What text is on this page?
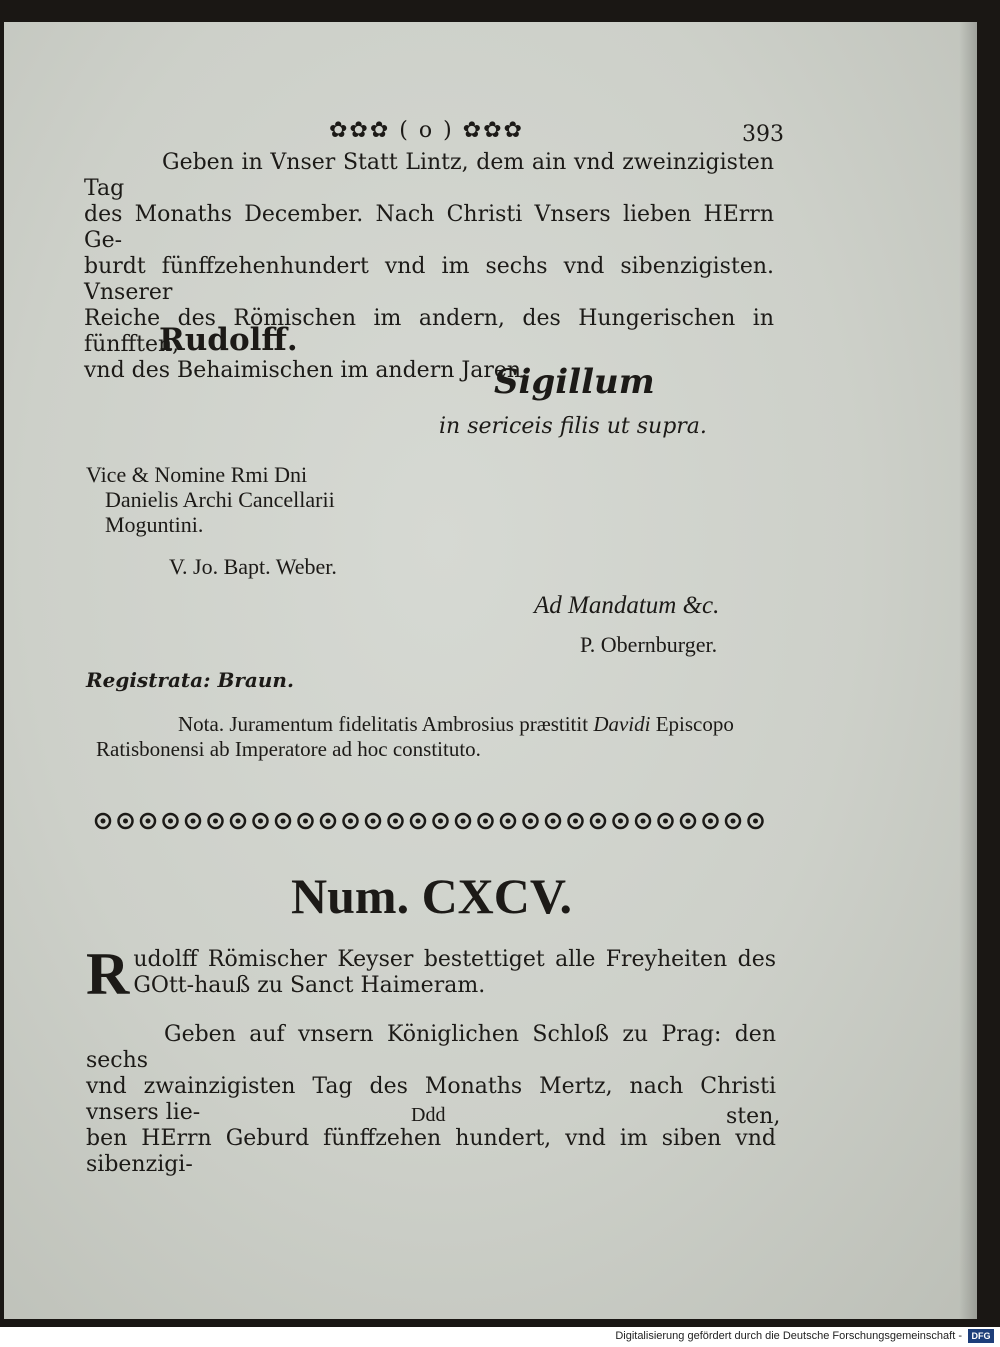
✿✿✿ ( o ) ✿✿✿	393
Geben in Vnser Statt Lintz, dem ain vnd zweinzigisten Tag
des Monaths December. Nach Christi Vnsers lieben HErrn Ge-
burdt fünffzehenhundert vnd im sechs vnd sibenzigisten. Vnserer
Reiche des Römischen im andern, des Hungerischen in fünfften,
vnd des Behaimischen im andern Jaren.
Rudolff.
Sigillum
in sericeis filis ut supra.
Vice & Nomine Rmi Dni
Danielis Archi Cancellarii
Moguntini.
V. Jo. Bapt. Weber.
Ad Mandatum &c.
P. Obernburger.
Registrata: Braun.
Nota. Juramentum fidelitatis Ambrosius præstitit Davidi Episcopo
Ratisbonensi ab Imperatore ad hoc constituto.
Num. CXCV.
R udolff Römischer Keyser bestettiget alle Freyheiten des GOtt-hauß zu Sanct Haimeram.
Geben auf vnsern Königlichen Schloß zu Prag: den sechs
vnd zwainzigisten Tag des Monaths Mertz, nach Christi vnsers lie-
ben HErrn Geburd fünffzehen hundert, vnd im siben vnd sibenzigi-
Ddd	sten,
Digitalisierung gefördert durch die Deutsche Forschungsgemeinschaft -	DFG
